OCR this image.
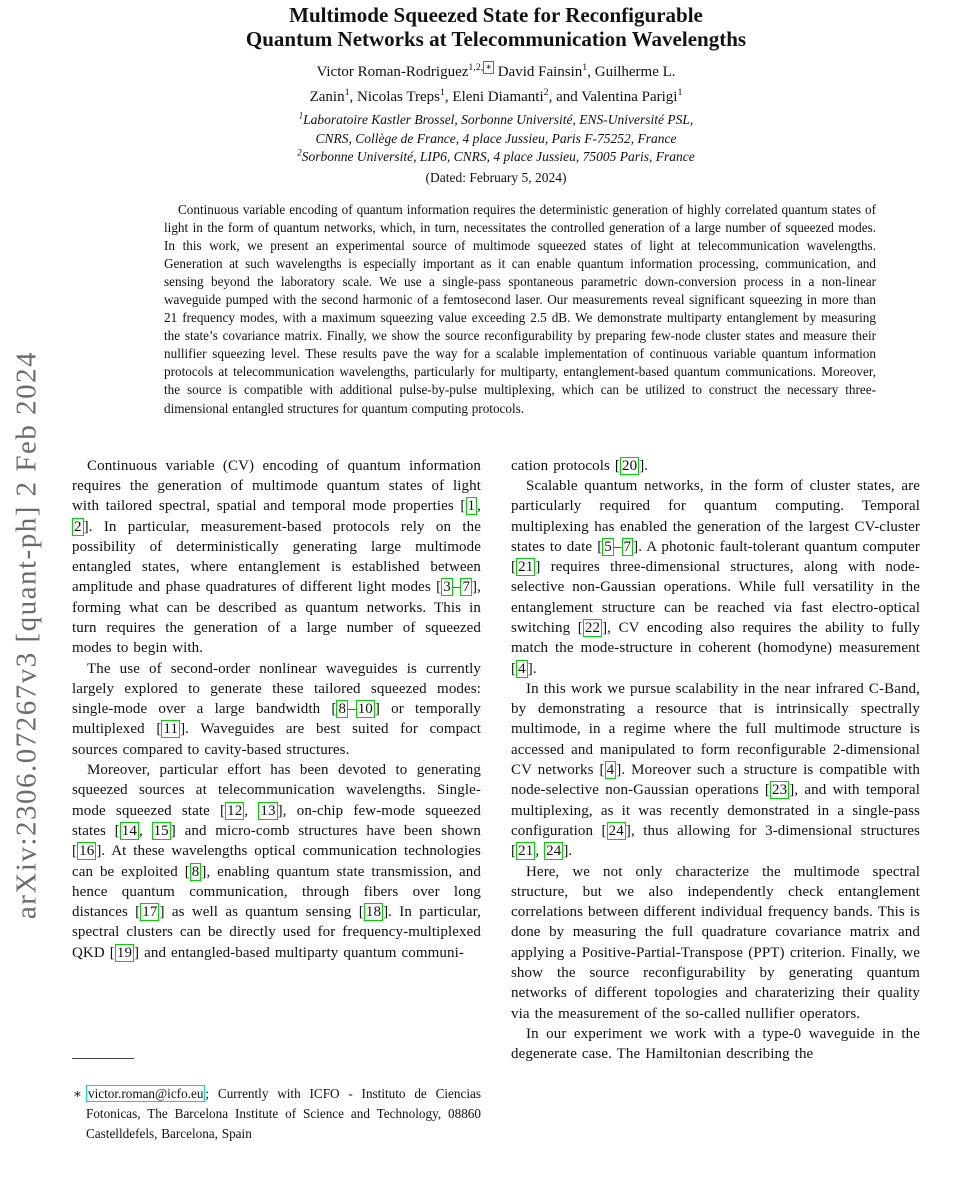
arXiv:2306.07267v3 [quant-ph] 2 Feb 2024
Multimode Squeezed State for Reconfigurable
Quantum Networks at Telecommunication Wavelengths
Victor Roman-Rodriguez$^{1,2,}$ ∗ David Fainsin$^1$, Guilherme L.
Zanin$^1$, Nicolas Treps$^1$, Eleni Diamanti$^2$, and Valentina Parigi$^1$
$^1$Laboratoire Kastler Brossel, Sorbonne Université, ENS-Université PSL,
CNRS, Collège de France, 4 place Jussieu, Paris F-75252, France
$^2$Sorbonne Université, LIP6, CNRS, 4 place Jussieu, 75005 Paris, France
(Dated: February 5, 2024)
Continuous variable encoding of quantum information requires the deterministic generation of highly correlated quantum states of light in the form of quantum networks, which, in turn, necessitates the controlled generation of a large number of squeezed modes. In this work, we present an experimental source of multimode squeezed states of light at telecommunication wavelengths. Generation at such wavelengths is especially important as it can enable quantum information processing, communication, and sensing beyond the laboratory scale. We use a single-pass spontaneous parametric down-conversion process in a non-linear waveguide pumped with the second harmonic of a femtosecond laser. Our measurements reveal significant squeezing in more than 21 frequency modes, with a maximum squeezing value exceeding 2.5 dB. We demonstrate multiparty entanglement by measuring the state’s covariance matrix. Finally, we show the source reconfigurability by preparing few-node cluster states and measure their nullifier squeezing level. These results pave the way for a scalable implementation of continuous variable quantum information protocols at telecommunication wavelengths, particularly for multiparty, entanglement-based quantum communications. Moreover, the source is compatible with additional pulse-by-pulse multiplexing, which can be utilized to construct the necessary three-dimensional entangled structures for quantum computing protocols.

Continuous variable (CV) encoding of quantum information requires the generation of multimode quantum states of light with tailored spectral, spatial and temporal mode properties [ 1 , 2 ]. In particular, measurement-based protocols rely on the possibility of deterministically generating large multimode entangled states, where entanglement is established between amplitude and phase quadratures of different light modes [ 3 – 7 ], forming what can be described as quantum networks. This in turn requires the generation of a large number of squeezed modes to begin with.

The use of second-order nonlinear waveguides is currently largely explored to generate these tailored squeezed modes: single-mode over a large bandwidth [ 8 – 10 ] or temporally multiplexed [ 11 ]. Waveguides are best suited for compact sources compared to cavity-based structures.

Moreover, particular effort has been devoted to generating squeezed sources at telecommunication wavelengths. Single-mode squeezed state [ 12 , 13 ], on-chip few-mode squeezed states [ 14 , 15 ] and micro-comb structures have been shown [ 16 ]. At these wavelengths optical communication technologies can be exploited [ 8 ], enabling quantum state transmission, and hence quantum communication, through fibers over long distances [ 17 ] as well as quantum sensing [ 18 ]. In particular, spectral clusters can be directly used for frequency-multiplexed QKD [ 19 ] and entangled-based multiparty quantum communi-

∗ victor.roman@icfo.eu ; Currently with ICFO - Instituto de Ciencias Fotonicas, The Barcelona Institute of Science and Technology, 08860 Castelldefels, Barcelona, Spain

cation protocols [ 20 ].

Scalable quantum networks, in the form of cluster states, are particularly required for quantum computing. Temporal multiplexing has enabled the generation of the largest CV-cluster states to date [ 5 – 7 ]. A photonic fault-tolerant quantum computer [ 21 ] requires three-dimensional structures, along with node-selective non-Gaussian operations. While full versatility in the entanglement structure can be reached via fast electro-optical switching [ 22 ], CV encoding also requires the ability to fully match the mode-structure in coherent (homodyne) measurement [ 4 ].

In this work we pursue scalability in the near infrared C-Band, by demonstrating a resource that is intrinsically spectrally multimode, in a regime where the full multimode structure is accessed and manipulated to form reconfigurable 2-dimensional CV networks [ 4 ]. Moreover such a structure is compatible with node-selective non-Gaussian operations [ 23 ], and with temporal multiplexing, as it was recently demonstrated in a single-pass configuration [ 24 ], thus allowing for 3-dimensional structures [ 21 , 24 ].

Here, we not only characterize the multimode spectral structure, but we also independently check entanglement correlations between different individual frequency bands. This is done by measuring the full quadrature covariance matrix and applying a Positive-Partial-Transpose (PPT) criterion. Finally, we show the source reconfigurability by generating quantum networks of different topologies and charaterizing their quality via the measurement of the so-called nullifier operators.

In our experiment we work with a type-0 waveguide in the degenerate case. The Hamiltonian describing the
